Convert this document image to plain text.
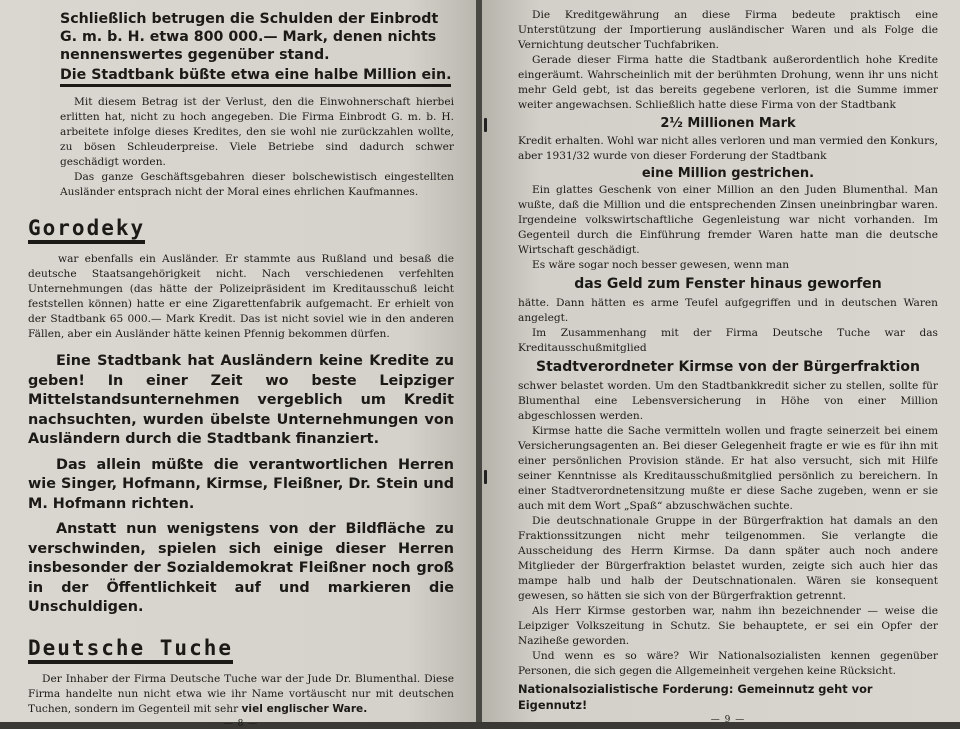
Schließlich betrugen die Schulden der Einbrodt G. m. b. H. etwa 800 000.— Mark, denen nichts nennenswertes gegenüber stand.

Die Stadtbank büßte etwa eine halbe Million ein.

Mit diesem Betrag ist der Verlust, den die Einwohnerschaft hierbei erlitten hat, nicht zu hoch angegeben. Die Firma Einbrodt G. m. b. H. arbeitete infolge dieses Kredites, den sie wohl nie zurückzahlen wollte, zu bösen Schleuderpreise. Viele Betriebe sind dadurch schwer geschädigt worden.

Das ganze Geschäftsgebahren dieser bolschewistisch eingestellten Ausländer entsprach nicht der Moral eines ehrlichen Kaufmannes.

Gorodeky

war ebenfalls ein Ausländer. Er stammte aus Rußland und besaß die deutsche Staatsangehörigkeit nicht. Nach verschiedenen verfehlten Unternehmungen (das hätte der Polizeipräsident im Kreditausschuß leicht feststellen können) hatte er eine Zigarettenfabrik aufgemacht. Er erhielt von der Stadtbank 65 000.— Mark Kredit. Das ist nicht soviel wie in den anderen Fällen, aber ein Ausländer hätte keinen Pfennig bekommen dürfen.

Eine Stadtbank hat Ausländern keine Kredite zu geben! In einer Zeit wo beste Leipziger Mittelstandsunternehmen vergeblich um Kredit nachsuchten, wurden übelste Unternehmungen von Ausländern durch die Stadtbank finanziert.

Das allein müßte die verantwortlichen Herren wie Singer, Hofmann, Kirmse, Fleißner, Dr. Stein und M. Hofmann richten.

Anstatt nun wenigstens von der Bildfläche zu verschwinden, spielen sich einige dieser Herren insbesonder der Sozialdemokrat Fleißner noch groß in der Öffentlichkeit auf und markieren die Unschuldigen.

Deutsche Tuche

Der Inhaber der Firma Deutsche Tuche war der Jude Dr. Blumenthal. Diese Firma handelte nun nicht etwa wie ihr Name vortäuscht nur mit deutschen Tuchen, sondern im Gegenteil mit sehr viel englischer Ware.

— 8 —

Die Kreditgewährung an diese Firma bedeute praktisch eine Unterstützung der Importierung ausländischer Waren und als Folge die Vernichtung deutscher Tuchfabriken.

Gerade dieser Firma hatte die Stadtbank außerordentlich hohe Kredite eingeräumt. Wahrscheinlich mit der berühmten Drohung, wenn ihr uns nicht mehr Geld gebt, ist das bereits gegebene verloren, ist die Summe immer weiter angewachsen. Schließlich hatte diese Firma von der Stadtbank

2½ Millionen Mark

Kredit erhalten. Wohl war nicht alles verloren und man vermied den Konkurs, aber 1931/32 wurde von dieser Forderung der Stadtbank

eine Million gestrichen.

Ein glattes Geschenk von einer Million an den Juden Blumenthal. Man wußte, daß die Million und die entsprechenden Zinsen uneinbringbar waren. Irgendeine volkswirtschaftliche Gegenleistung war nicht vorhanden. Im Gegenteil durch die Einführung fremder Waren hatte man die deutsche Wirtschaft geschädigt.

Es wäre sogar noch besser gewesen, wenn man

das Geld zum Fenster hinaus geworfen

hätte. Dann hätten es arme Teufel aufgegriffen und in deutschen Waren angelegt.

Im Zusammenhang mit der Firma Deutsche Tuche war das Kreditausschußmitglied

Stadtverordneter Kirmse von der Bürgerfraktion

schwer belastet worden. Um den Stadtbankkredit sicher zu stellen, sollte für Blumenthal eine Lebensversicherung in Höhe von einer Million abgeschlossen werden.

Kirmse hatte die Sache vermitteln wollen und fragte seinerzeit bei einem Versicherungsagenten an. Bei dieser Gelegenheit fragte er wie es für ihn mit einer persönlichen Provision stände. Er hat also versucht, sich mit Hilfe seiner Kenntnisse als Kreditausschußmitglied persönlich zu bereichern. In einer Stadtverordnetensitzung mußte er diese Sache zugeben, wenn er sie auch mit dem Wort „Spaß“ abzuschwächen suchte.

Die deutschnationale Gruppe in der Bürgerfraktion hat damals an den Fraktionssitzungen nicht mehr teilgenommen. Sie verlangte die Ausscheidung des Herrn Kirmse. Da dann später auch noch andere Mitglieder der Bürgerfraktion belastet wurden, zeigte sich auch hier das mampe halb und halb der Deutschnationalen. Wären sie konsequent gewesen, so hätten sie sich von der Bürgerfraktion getrennt.

Als Herr Kirmse gestorben war, nahm ihn bezeichnender — weise die Leipziger Volkszeitung in Schutz. Sie behauptete, er sei ein Opfer der Naziheße geworden.

Und wenn es so wäre? Wir Nationalsozialisten kennen gegenüber Personen, die sich gegen die Allgemeinheit vergehen keine Rücksicht.

Nationalsozialistische Forderung: Gemeinnutz geht vor Eigennutz!

— 9 —
